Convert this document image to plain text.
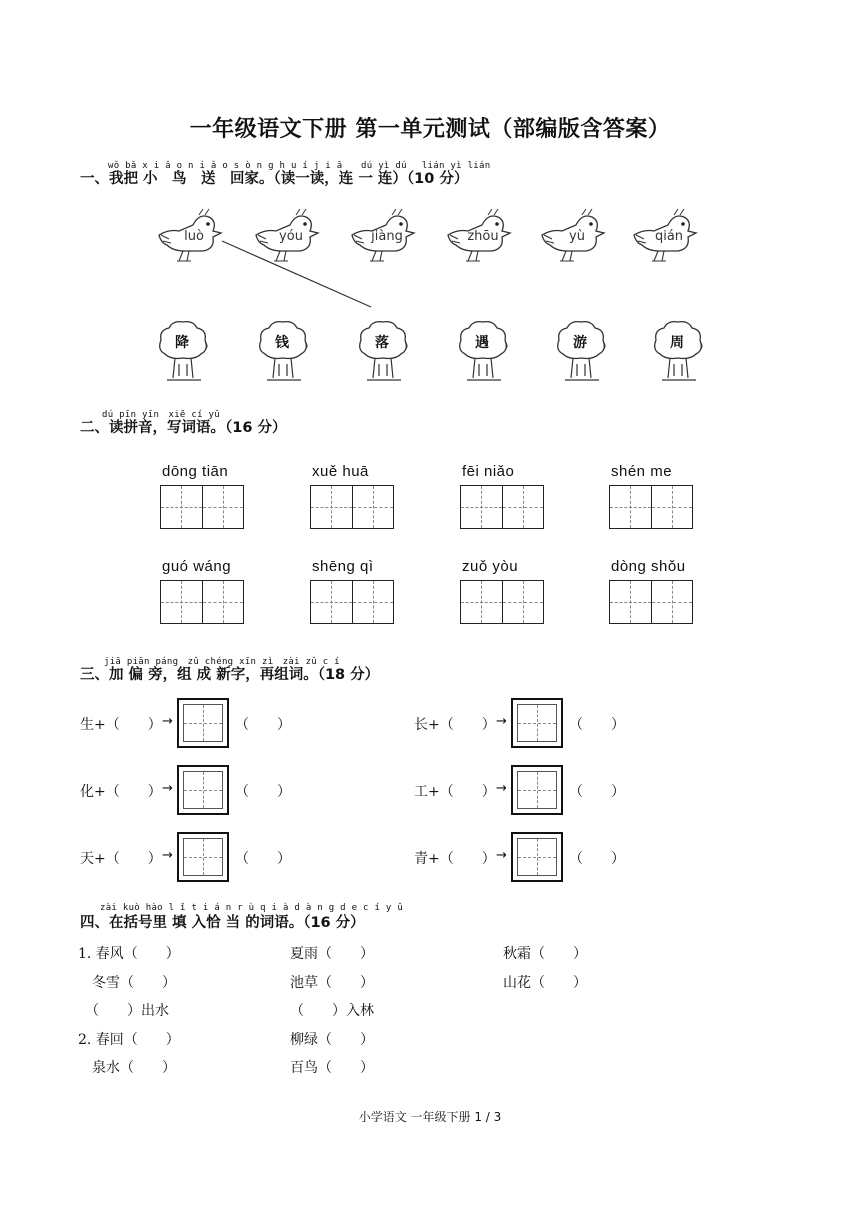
一年级语文下册 第一单元测试（部编版含答案）
wǒ bǎ x i ǎ o n i ǎ o s ò n g h u í j i ā　　dú yì dú　 lián yì lián
一、我把 小　鸟　送　回家。（读一读，连 一 连）（10 分）
luò	yóu	jiàng	zhōu	yù	qián
降	钱	落	遇	游	周
dú pīn yīn　xiě cí yǔ
二、读拼音，写词语。（16 分）
dōng tiān	xuě huā	fēi niǎo	shén me
guó wáng	shēng qì	zuǒ yòu	dòng shǒu
jiā piān páng　zǔ chéng xīn zì　zài zǔ c í
三、加 偏 旁，组 成 新字，再组词。（18 分）
生+（　　） →	（　　）
化+（　　） →	（　　）
天+（　　） →	（　　）
长+（　　） →	（　　）
工+（　　） →	（　　）
青+（　　） →	（　　）
zài kuò hào l ǐ t i á n r ù q i à d à n g d e c í y ǔ
四、在括号里 填 入恰 当 的词语。（16 分）
1. 春风（　　）	夏雨（　　）	秋霜（　　）
　冬雪（　　）	池草（　　）	山花（　　）
　（　　）出水	（　　）入林
2. 春回（　　）	柳绿（　　）
　泉水（　　）	百鸟（　　）
小学语文 一年级下册 1 / 3
